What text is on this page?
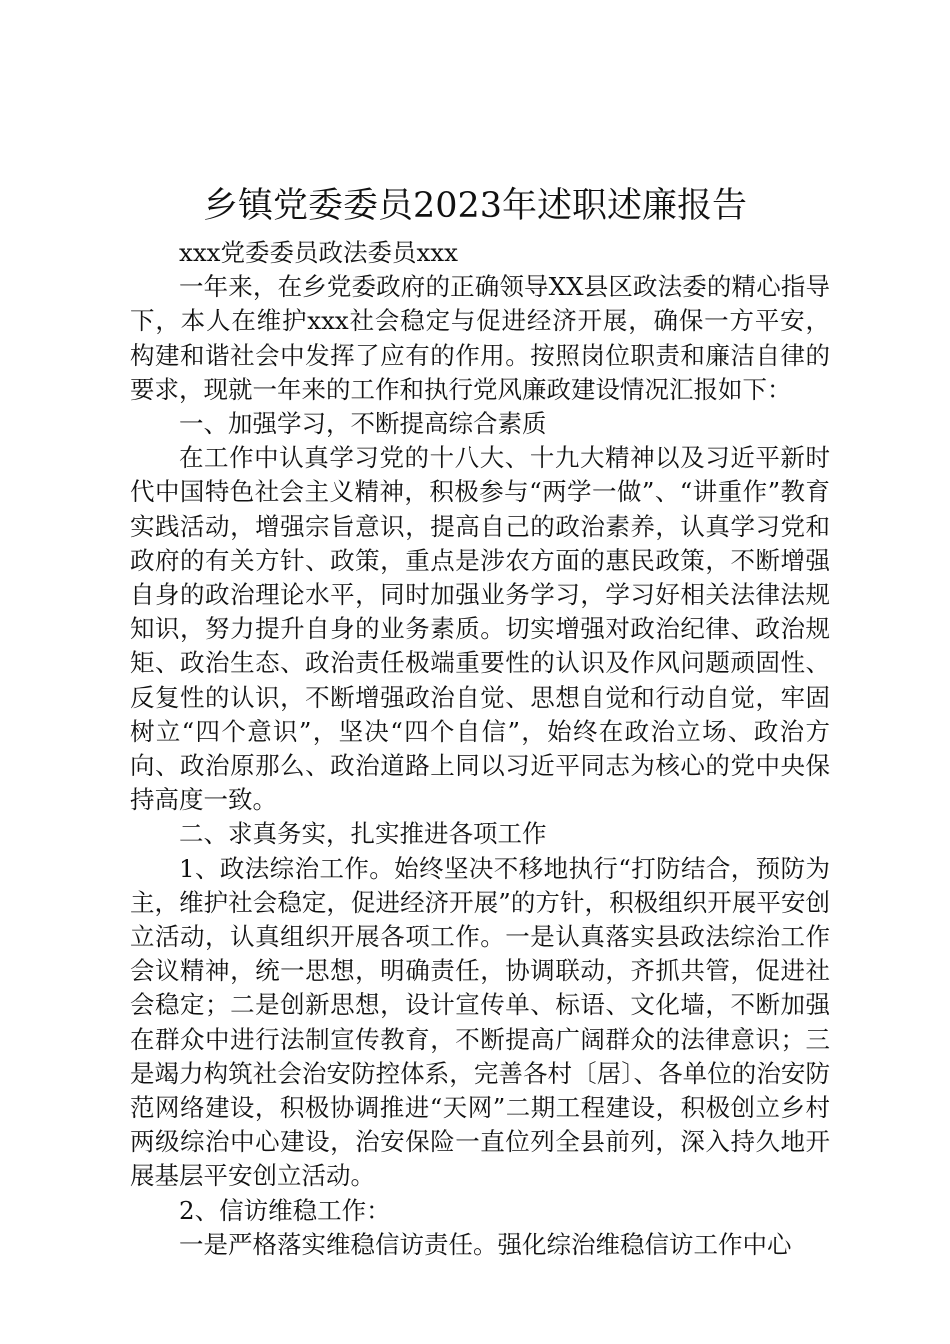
乡镇党委委员2023年述职述廉报告

xxx党委委员政法委员xxx

一年来，在乡党委政府的正确领导XX县区政法委的精心指导下，本人在维护xxx社会稳定与促进经济开展，确保一方平安，构建和谐社会中发挥了应有的作用。按照岗位职责和廉洁自律的要求，现就一年来的工作和执行党风廉政建设情况汇报如下：

一、加强学习，不断提高综合素质

在工作中认真学习党的十八大、十九大精神以及习近平新时代中国特色社会主义精神，积极参与“两学一做”、“讲重作”教育实践活动，增强宗旨意识，提高自己的政治素养，认真学习党和政府的有关方针、政策，重点是涉农方面的惠民政策，不断增强自身的政治理论水平，同时加强业务学习，学习好相关法律法规知识，努力提升自身的业务素质。切实增强对政治纪律、政治规矩、政治生态、政治责任极端重要性的认识及作风问题顽固性、反复性的认识，不断增强政治自觉、思想自觉和行动自觉，牢固树立“四个意识”，坚决“四个自信”，始终在政治立场、政治方向、政治原那么、政治道路上同以习近平同志为核心的党中央保持高度一致。

二、求真务实，扎实推进各项工作

1、政法综治工作。始终坚决不移地执行“打防结合，预防为主，维护社会稳定，促进经济开展”的方针，积极组织开展平安创立活动，认真组织开展各项工作。一是认真落实县政法综治工作会议精神，统一思想，明确责任，协调联动，齐抓共管，促进社会稳定；二是创新思想，设计宣传单、标语、文化墙，不断加强在群众中进行法制宣传教育，不断提高广阔群众的法律意识；三是竭力构筑社会治安防控体系，完善各村〔居〕、各单位的治安防范网络建设，积极协调推进“天网”二期工程建设，积极创立乡村两级综治中心建设，治安保险一直位列全县前列，深入持久地开展基层平安创立活动。

2、信访维稳工作：

一是严格落实维稳信访责任。强化综治维稳信访工作中心
